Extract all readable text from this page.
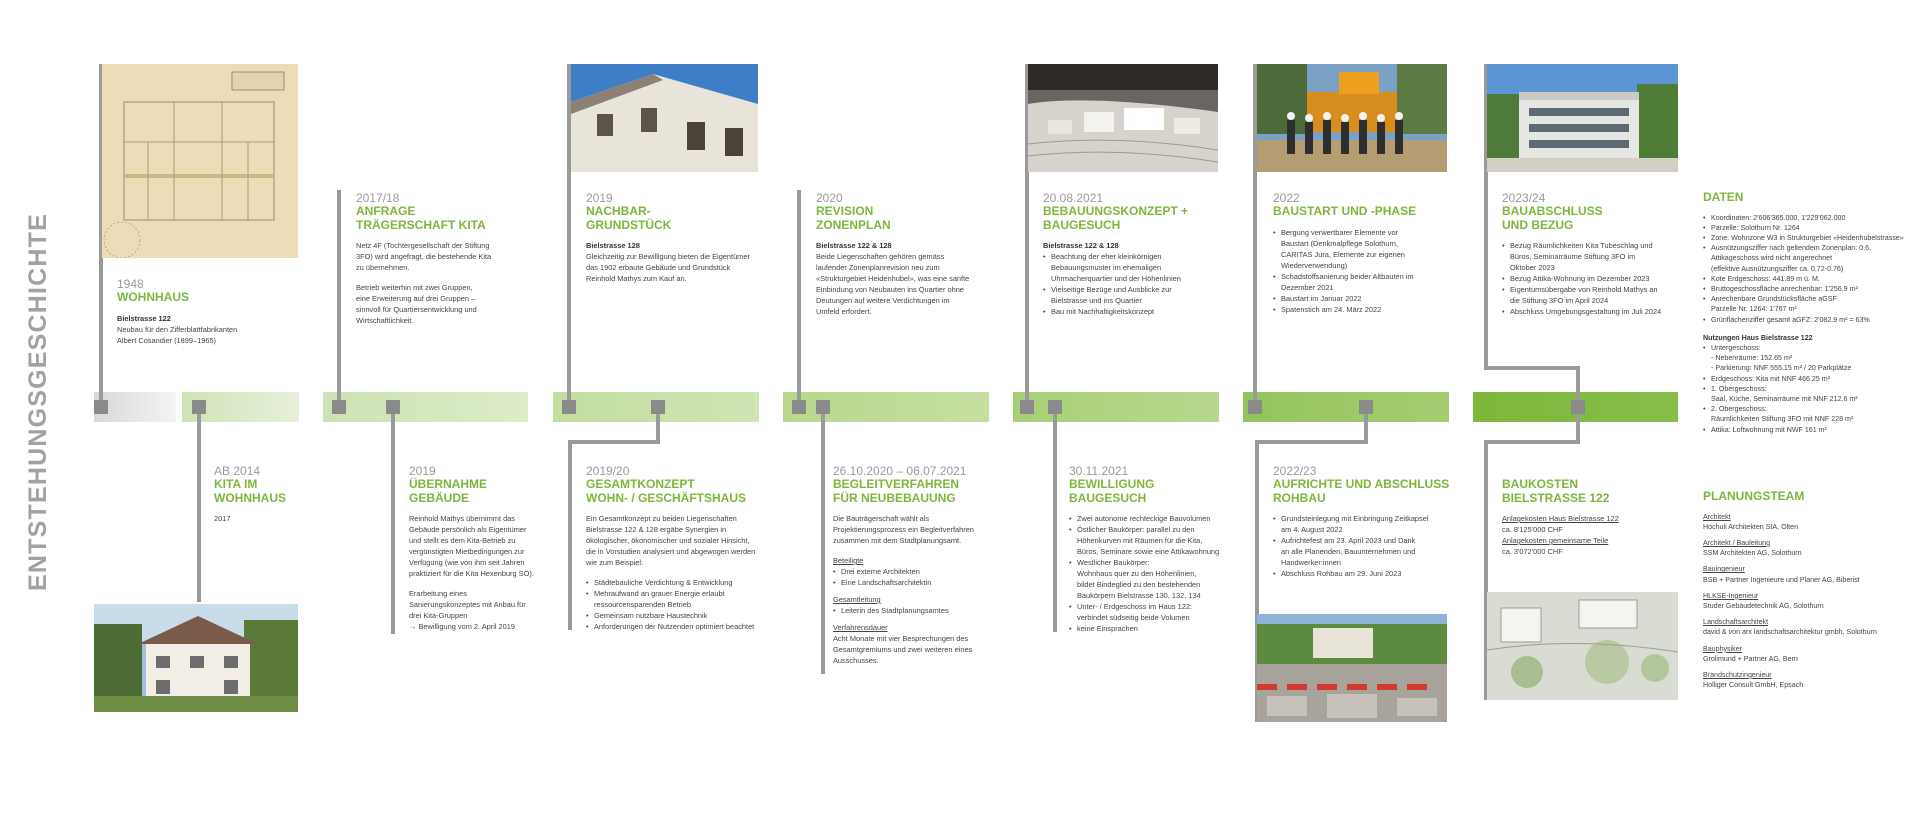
ENTSTEHUNGSGESCHICHTE	1948
WOHNHAUS
Bielstrasse 122
Neubau für den Zifferblattfabrikanten
Albert Cosandier (1899–1965)
AB 2014
KITA IM
WOHNHAUS
2017
2017/18
ANFRAGE
TRÄGERSCHAFT KITA

Netz 4F (Tochtergesellschaft der Stiftung
3FO) wird angefragt, die bestehende Kita
zu übernehmen.

Betrieb weiterhin mit zwei Gruppen,
eine Erweiterung auf drei Gruppen –
sinnvoll für Quartiersentwicklung und
Wirtschaftlichkeit.

2019
ÜBERNAHME
GEBÄUDE

Reinhold Mathys übernimmt das
Gebäude persönlich als Eigentümer
und stellt es dem Kita-Betrieb zu
vergünstigten Mietbedingungen zur
Verfügung (wie von ihm seit Jahren
praktiziert für die Kita Hexenburg SO).

Erarbeitung eines
Sanierungskonzeptes mit Anbau für
drei Kita-Gruppen
→ Bewilligung vom 2. April 2019

2019
NACHBAR-
GRUNDSTÜCK
Bielstrasse 128
Gleichzeitig zur Bewilligung bieten die Eigentümer
das 1902 erbaute Gebäude und Grundstück
Reinhold Mathys zum Kauf an.
2019/20
GESAMTKONZEPT
WOHN- / GESCHÄFTSHAUS

Ein Gesamtkonzept zu beiden Liegenschaften
Bielstrasse 122 & 128 ergäbe Synergien in
ökologischer, ökonomischer und sozialer Hinsicht,
die in Vorstudien analysiert und abgewogen werden
wie zum Beispiel:

• Städtebauliche Verdichtung & Entwicklung
• Mehraufwand an grauer Energie erlaubt
ressourcensparenden Betrieb
• Gemeinsam nutzbare Haustechnik
• Anforderungen der Nutzenden optimiert beachtet
2020
REVISION
ZONENPLAN
Bielstrasse 122 & 128
Beide Liegenschaften gehören gemäss
laufender Zonenplanrevision neu zum
«Strukturgebiet Heidenhubel», was eine sanfte
Einbindung von Neubauten ins Quartier ohne
Deutungen auf weitere Verdichtungen im
Umfeld erfordert.
26.10.2020 – 06.07.2021
BEGLEITVERFAHREN
FÜR NEUBEBAUUNG

Die Bauträgerschaft wählt als
Projektierungsprozess ein Begleitverfahren
zusammen mit dem Stadtplanungsamt.

Beteiligte
• Drei externe Architekten
• Eine Landschaftsarchitektin
Gesamtleitung
• Leiterin des Stadtplanungsamtes
Verfahrensdauer
Acht Monate mit vier Besprechungen des
Gesamtgremiums und zwei weiteren eines
Ausschusses.
20.08.2021
BEBAUUNGSKONZEPT +
BAUGESUCH
Bielstrasse 122 & 128
• Beachtung der eher kleinkörnigen
Bebauungsmuster im ehemaligen
Uhrmacherquartier und der Höhenlinien
• Vielseitige Bezüge und Ausblicke zur
Bielstrasse und ins Quartier
• Bau mit Nachhaltigkeitskonzept
30.11.2021
BEWILLIGUNG
BAUGESUCH
• Zwei autonome rechteckige Bauvolumen
• Östlicher Baukörper: parallel zu den
Höhenkurven mit Räumen für die Kita,
Büros, Seminare sowie eine Attikawohnung
• Westlicher Baukörper:
Wohnhaus quer zu den Höhenlinien,
bildet Bindeglied zu den bestehenden
Baukörpern Bielstrasse 130, 132, 134
• Unter- / Erdgeschoss im Haus 122:
verbindet südseitig beide Volumen
• keine Einsprachen
2022
BAUSTART UND -PHASE
• Bergung verwertbarer Elemente vor
Baustart (Denkmalpflege Solothurn,
CARITAS Jura, Elemente zur eigenen
Wiederverwendung)
• Schadstoffsanierung beider Altbauten im
Dezember 2021
• Baustart im Januar 2022
• Spatenstich am 24. März 2022
2022/23
AUFRICHTE UND ABSCHLUSS
ROHBAU
• Grundsteinlegung mit Einbringung Zeitkapsel
am 4. August 2022
• Aufrichtefest am 23. April 2023 und Dank
an alle Planenden, Bauunternehmen und
Handwerker:innen
• Abschluss Rohbau am 29. Juni 2023
2023/24
BAUABSCHLUSS
UND BEZUG
• Bezug Räumlichkeiten Kita Tubeschlag und
Büros, Seminarräume Stiftung 3FO im
Oktober 2023
• Bezug Attika-Wohnung im Dezember 2023
• Eigentumsübergabe von Reinhold Mathys an
die Stiftung 3FO im April 2024
• Abschluss Umgebungsgestaltung im Juli 2024
BAUKOSTEN
BIELSTRASSE 122
Anlagekosten Haus Bielstrasse 122
ca. 8'125'000 CHF
Anlagekosten gemeinsame Teile
ca. 3'072'000 CHF
DATEN
• Koordinaten: 2'606'365.000, 1'229'062.000
• Parzelle: Solothurn Nr. 1264
• Zone: Wohnzone W3 in Strukturgebiet «Heidenhubelstrasse»
• Ausnützungsziffer nach geltendem Zonenplan: 0.6,
Attikageschoss wird nicht angerechnet
(effektive Ausnützungsziffer ca. 0.72-0.76)
• Kote Erdgeschoss: 441.89 m ü. M.
• Bruttogeschossfläche anrechenbar: 1'256.9 m²
• Anrechenbare Grundstücksfläche aGSF
Parzelle Nr. 1264: 1'767 m²
• Grünflächenziffer gesamt aGFZ: 2'082.9 m² = 63%
Nutzungen Haus Bielstrasse 122
• Untergeschoss:
- Nebenräume: 152.65 m²
- Parkierung: NNF 555.15 m² / 20 Parkplätze
• Erdgeschoss: Kita mit NNF 466.25 m²
• 1. Obergeschoss:
Saal, Küche, Seminarräume mit NNF 212.6 m²
• 2. Obergeschoss:
Räumlichkeiten Stiftung 3FO mit NNF 228 m²
• Attika: Loftwohnung mit NWF 161 m²
PLANUNGSTEAM
Architekt
Hochuli Architekten SIA, Olten
Architekt / Bauleitung
SSM Architekten AG, Solothurn
Bauingenieur
BSB + Partner Ingenieure und Planer AG, Biberist
HLKSE-Ingenieur
Studer Gebäudetechnik AG, Solothurn
Landschaftsarchitekt
david & von arx landschaftsarchitektur gmbh, Solothurn
Bauphysiker
Grolimund + Partner AG, Bern
Brandschutzingenieur
Holliger Consult GmbH, Epsach
